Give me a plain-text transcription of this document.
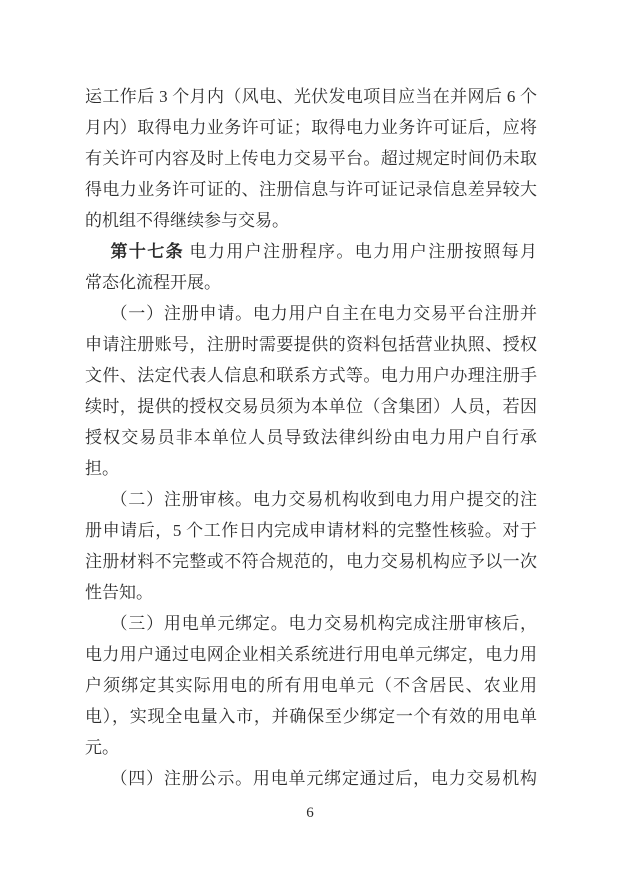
运工作后 3 个月内（风电、光伏发电项目应当在并网后 6 个
月内）取得电力业务许可证；取得电力业务许可证后，应将
有关许可内容及时上传电力交易平台。超过规定时间仍未取
得电力业务许可证的、注册信息与许可证记录信息差异较大
的机组不得继续参与交易。
第十七条 电力用户注册程序。电力用户注册按照每月
常态化流程开展。
（一）注册申请。电力用户自主在电力交易平台注册并
申请注册账号，注册时需要提供的资料包括营业执照、授权
文件、法定代表人信息和联系方式等。电力用户办理注册手
续时，提供的授权交易员须为本单位（含集团）人员，若因
授权交易员非本单位人员导致法律纠纷由电力用户自行承
担。
（二）注册审核。电力交易机构收到电力用户提交的注
册申请后，5 个工作日内完成申请材料的完整性核验。对于
注册材料不完整或不符合规范的，电力交易机构应予以一次
性告知。
（三）用电单元绑定。电力交易机构完成注册审核后，
电力用户通过电网企业相关系统进行用电单元绑定，电力用
户须绑定其实际用电的所有用电单元（不含居民、农业用
电），实现全电量入市，并确保至少绑定一个有效的用电单
元。
（四）注册公示。用电单元绑定通过后，电力交易机构
6
